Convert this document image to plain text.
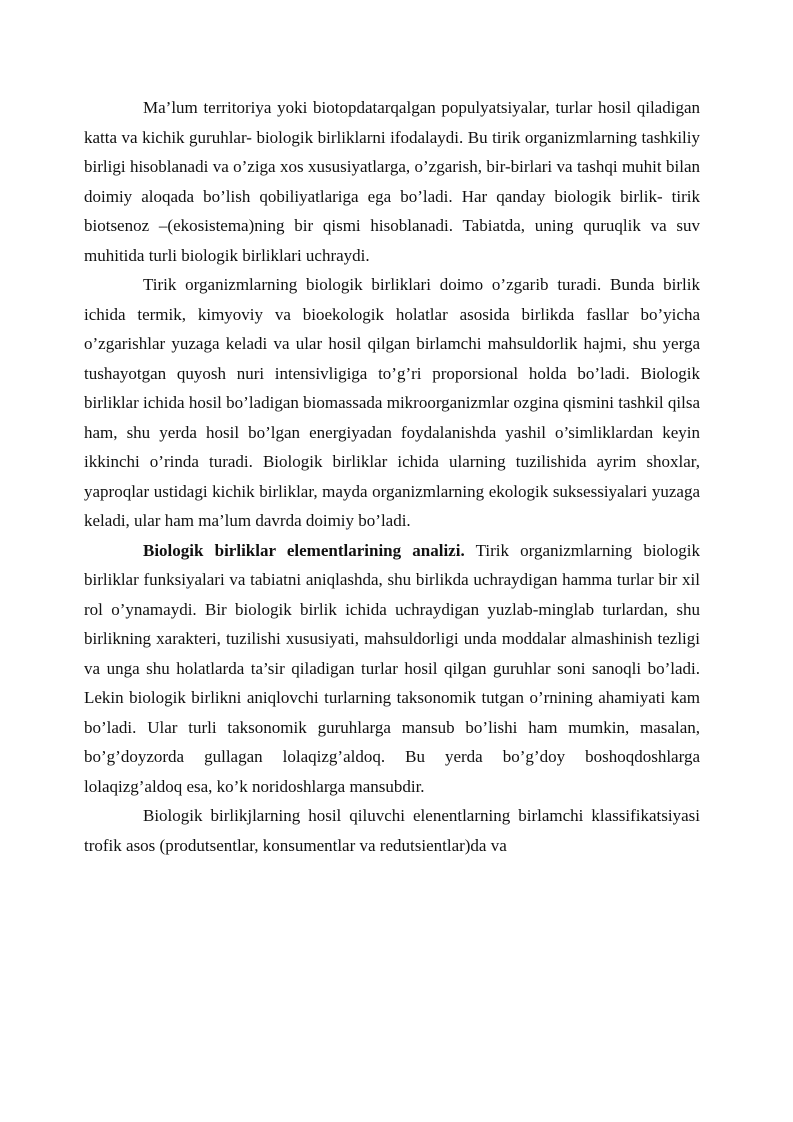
Ma’lum territoriya yoki biotopdatarqalgan populyatsiyalar, turlar hosil qiladigan katta va kichik guruhlar- biologik birliklarni ifodalaydi. Bu tirik organizmlarning tashkiliy birligi hisoblanadi va o’ziga xos xususiyatlarga, o’zgarish, bir-birlari va tashqi muhit bilan doimiy aloqada bo’lish qobiliyatlariga ega bo’ladi. Har qanday biologik birlik- tirik biotsenoz –(ekosistema)ning bir qismi hisoblanadi. Tabiatda, uning quruqlik va suv muhitida turli biologik birliklari uchraydi.

Tirik organizmlarning biologik birliklari doimo o’zgarib turadi. Bunda birlik ichida termik, kimyoviy va bioekologik holatlar asosida birlikda fasllar bo’yicha o’zgarishlar yuzaga keladi va ular hosil qilgan birlamchi mahsuldorlik hajmi, shu yerga tushayotgan quyosh nuri intensivligiga to’g’ri proporsional holda bo’ladi. Biologik birliklar ichida hosil bo’ladigan biomassada mikroorganizmlar ozgina qismini tashkil qilsa ham, shu yerda hosil bo’lgan energiyadan foydalanishda yashil o’simliklardan keyin ikkinchi o’rinda turadi. Biologik birliklar ichida ularning tuzilishida ayrim shoxlar, yaproqlar ustidagi kichik birliklar, mayda organizmlarning ekologik suksessiyalari yuzaga keladi, ular ham ma’lum davrda doimiy bo’ladi.

Biologik birliklar elementlarining analizi. Tirik organizmlarning biologik birliklar funksiyalari va tabiatni aniqlashda, shu birlikda uchraydigan hamma turlar bir xil rol o’ynamaydi. Bir biologik birlik ichida uchraydigan yuzlab-minglab turlardan, shu birlikning xarakteri, tuzilishi xususiyati, mahsuldorligi unda moddalar almashinish tezligi va unga shu holatlarda ta’sir qiladigan turlar hosil qilgan guruhlar soni sanoqli bo’ladi. Lekin biologik birlikni aniqlovchi turlarning taksonomik tutgan o’rnining ahamiyati kam bo’ladi. Ular turli taksonomik guruhlarga mansub bo’lishi ham mumkin, masalan, bo’g’doyzorda gullagan lolaqizg’aldoq. Bu yerda bo’g’doy boshoqdoshlarga lolaqizg’aldoq esa, ko’k noridoshlarga mansubdir.

Biologik birlikjlarning hosil qiluvchi elenentlarning birlamchi klassifikatsiyasi trofik asos (produtsentlar, konsumentlar va redutsientlar)da va
